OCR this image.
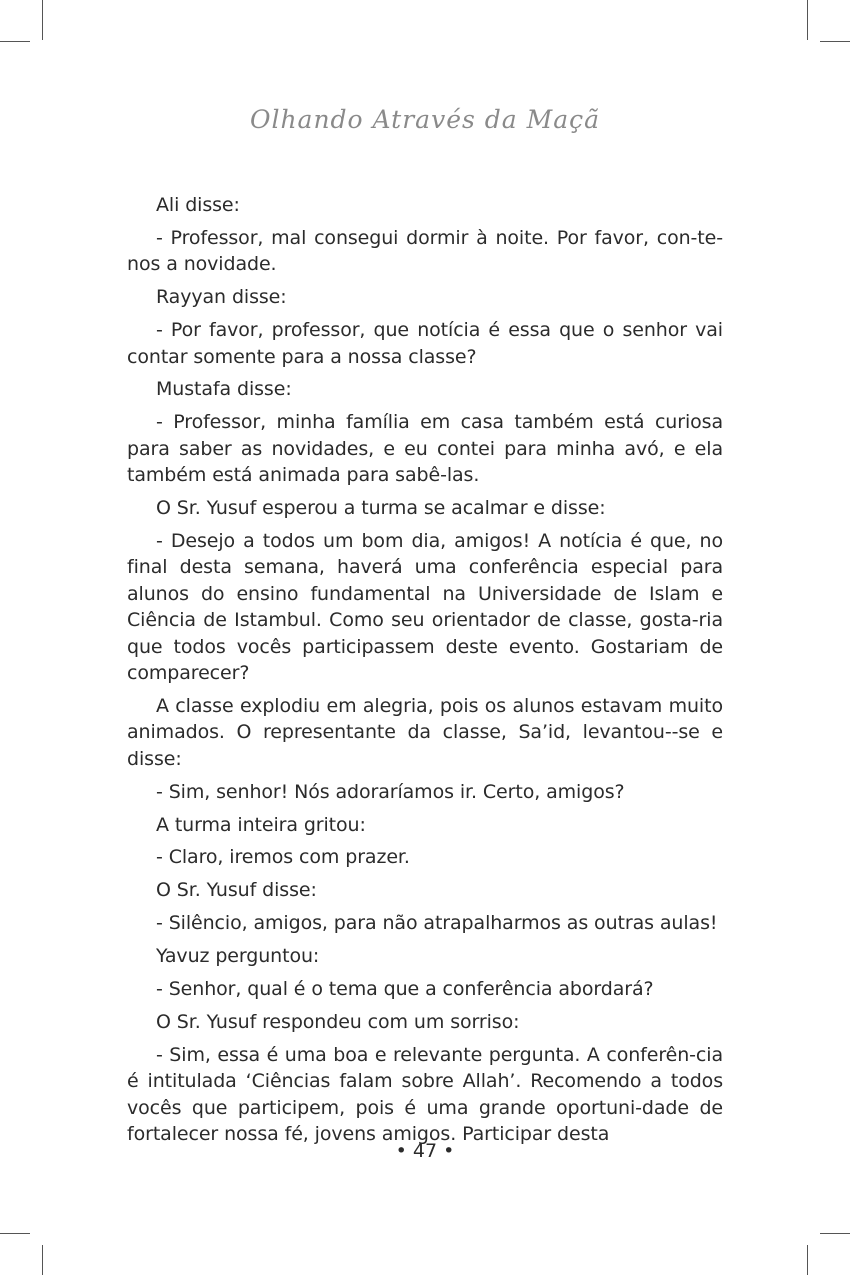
Olhando Através da Maçã

Ali disse:

- Professor, mal consegui dormir à noite. Por favor, con-te-nos a novidade.

Rayyan disse:

- Por favor, professor, que notícia é essa que o senhor vai contar somente para a nossa classe?

Mustafa disse:

- Professor, minha família em casa também está curiosa para saber as novidades, e eu contei para minha avó, e ela também está animada para sabê-las.

O Sr. Yusuf esperou a turma se acalmar e disse:

- Desejo a todos um bom dia, amigos! A notícia é que, no final desta semana, haverá uma conferência especial para alunos do ensino fundamental na Universidade de Islam e Ciência de Istambul. Como seu orientador de classe, gosta-ria que todos vocês participassem deste evento. Gostariam de comparecer?

A classe explodiu em alegria, pois os alunos estavam muito animados. O representante da classe, Sa’id, levantou--se e disse:

- Sim, senhor! Nós adoraríamos ir. Certo, amigos?

A turma inteira gritou:

- Claro, iremos com prazer.

O Sr. Yusuf disse:

- Silêncio, amigos, para não atrapalharmos as outras aulas!

Yavuz perguntou:

- Senhor, qual é o tema que a conferência abordará?

O Sr. Yusuf respondeu com um sorriso:

- Sim, essa é uma boa e relevante pergunta. A conferên-cia é intitulada ‘Ciências falam sobre Allah’. Recomendo a todos vocês que participem, pois é uma grande oportuni-dade de fortalecer nossa fé, jovens amigos. Participar desta

• 47 •
